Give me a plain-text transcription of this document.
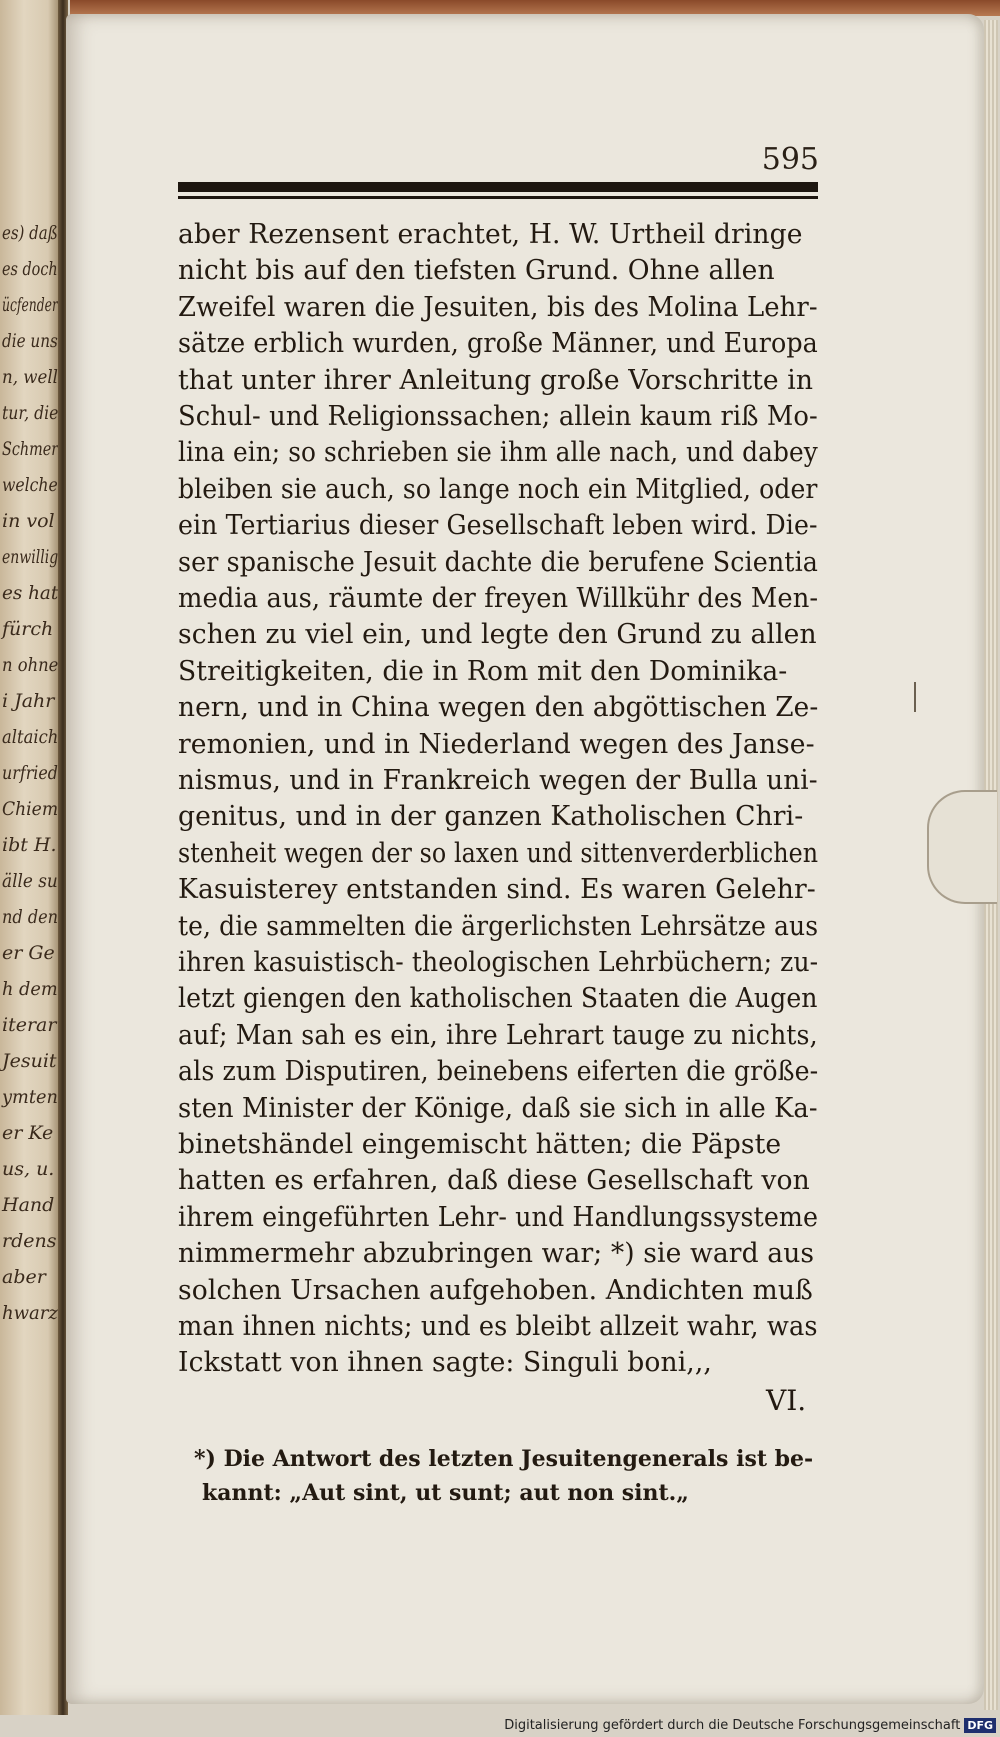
es) daß
es doch
ücfender
die uns
n, well
tur, die
Schmer
welche
in vol
enwillig
es hat
fürch
n ohne
i Jahr
altaich
urfried
Chiem
ibt H.
älle su
nd den
er Ge
h dem
iterar
Jesuit
ymten
er Ke
us, u.
Hand
rdens
aber
hwarz
595
aber Rezensent erachtet, H. W. Urtheil dringe
nicht bis auf den tiefsten Grund. Ohne allen
Zweifel waren die Jesuiten, bis des Molina Lehr-
sätze erblich wurden, große Männer, und Europa
that unter ihrer Anleitung große Vorschritte in
Schul- und Religionssachen; allein kaum riß Mo-
lina ein; so schrieben sie ihm alle nach, und dabey
bleiben sie auch, so lange noch ein Mitglied, oder
ein Tertiarius dieser Gesellschaft leben wird. Die-
ser spanische Jesuit dachte die berufene Scientia
media aus, räumte der freyen Willkühr des Men-
schen zu viel ein, und legte den Grund zu allen
Streitigkeiten, die in Rom mit den Dominika-
nern, und in China wegen den abgöttischen Ze-
remonien, und in Niederland wegen des Janse-
nismus, und in Frankreich wegen der Bulla uni-
genitus, und in der ganzen Katholischen Chri-
stenheit wegen der so laxen und sittenverderblichen
Kasuisterey entstanden sind. Es waren Gelehr-
te, die sammelten die ärgerlichsten Lehrsätze aus
ihren kasuistisch- theologischen Lehrbüchern; zu-
letzt giengen den katholischen Staaten die Augen
auf; Man sah es ein, ihre Lehrart tauge zu nichts,
als zum Disputiren, beinebens eiferten die größe-
sten Minister der Könige, daß sie sich in alle Ka-
binetshändel eingemischt hätten; die Päpste
hatten es erfahren, daß diese Gesellschaft von
ihrem eingeführten Lehr- und Handlungssysteme
nimmermehr abzubringen war; *) sie ward aus
solchen Ursachen aufgehoben. Andichten muß
man ihnen nichts; und es bleibt allzeit wahr, was
Ickstatt von ihnen sagte: Singuli boni,,,
VI.
*) Die Antwort des letzten Jesuitengenerals ist be-
kannt: „Aut sint, ut sunt; aut non sint.„
Digitalisierung gefördert durch die Deutsche Forschungsgemeinschaft DFG
